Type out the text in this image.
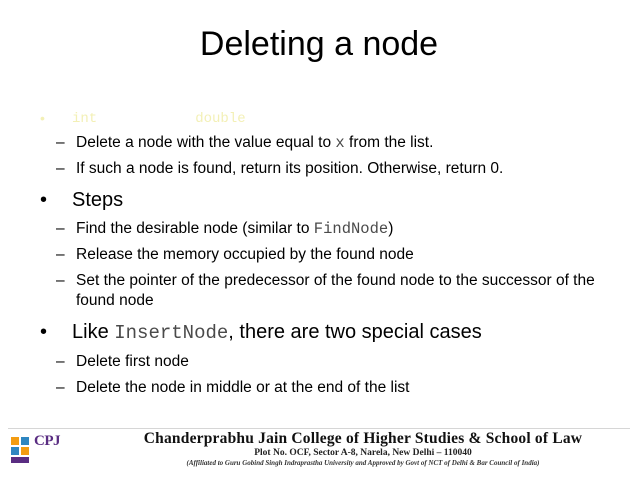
Deleting a node
•	int	double
– Delete a node with the value equal to x from the list.
– If such a node is found, return its position. Otherwise, return 0.
•	Steps
– Find the desirable node (similar to FindNode)
– Release the memory occupied by the found node
– Set the pointer of the predecessor of the found node to the successor of the found node
•	Like InsertNode, there are two special cases
– Delete first node
– Delete the node in middle or at the end of the list
CPJ	Chanderprabhu Jain College of Higher Studies & School of Law
Plot No. OCF, Sector A-8, Narela, New Delhi – 110040
(Affiliated to Guru Gobind Singh Indraprastha University and Approved by Govt of NCT of Delhi & Bar Council of India)
